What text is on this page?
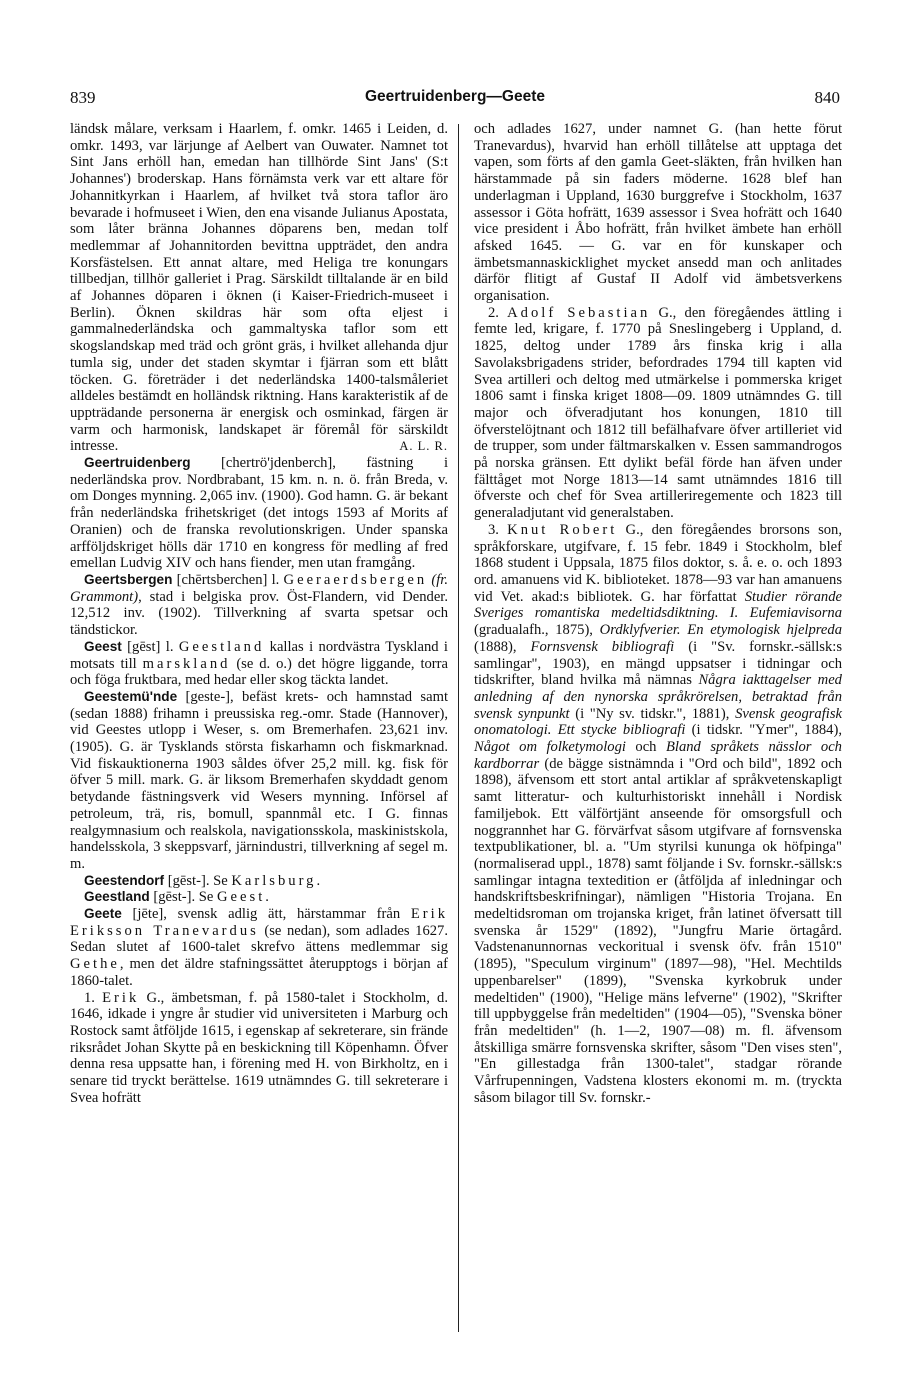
839	Geertruidenberg—Geete	840

ländsk målare, verksam i Haarlem, f. omkr. 1465 i Leiden, d. omkr. 1493, var lärjunge af Aelbert van Ouwater. Namnet tot Sint Jans erhöll han, emedan han tillhörde Sint Jans' (S:t Johannes') broderskap. Hans förnämsta verk var ett altare för Johannitkyrkan i Haarlem, af hvilket två stora taflor äro bevarade i hofmuseet i Wien, den ena visande Julianus Apostata, som låter bränna Johannes döparens ben, medan tolf medlemmar af Johannitorden bevittna uppträdet, den andra Korsfästelsen. Ett annat altare, med Heliga tre konungars tillbedjan, tillhör galleriet i Prag. Särskildt tilltalande är en bild af Johannes döparen i öknen (i Kaiser-Friedrich-museet i Berlin). Öknen skildras här som ofta eljest i gammalnederländska och gammaltyska taflor som ett skogslandskap med träd och grönt gräs, i hvilket allehanda djur tumla sig, under det staden skymtar i fjärran som ett blått töcken. G. företräder i det nederländska 1400-talsmåleriet alldeles bestämdt en holländsk riktning. Hans karakteristik af de uppträdande personerna är energisk och osminkad, färgen är varm och harmonisk, landskapet är föremål för särskildt intresse.	A. L. R.

Geertruidenberg [chertrö'jdenberch], fästning i nederländska prov. Nordbrabant, 15 km. n. n. ö. från Breda, v. om Donges mynning. 2,065 inv. (1900). God hamn. G. är bekant från nederländska frihetskriget (det intogs 1593 af Morits af Oranien) och de franska revolutionskrigen. Under spanska arfföljdskriget hölls där 1710 en kongress för medling af fred emellan Ludvig XIV och hans fiender, men utan framgång.

Geertsbergen [chērtsberchen] l. Geeraerdsbergen (fr. Grammont), stad i belgiska prov. Öst-Flandern, vid Dender. 12,512 inv. (1902). Tillverkning af svarta spetsar och tändstickor.

Geest [gēst] l. Geestland kallas i nordvästra Tyskland i motsats till marskland (se d. o.) det högre liggande, torra och föga fruktbara, med hedar eller skog täckta landet.

Geestemü'nde [geste-], befäst krets- och hamnstad samt (sedan 1888) frihamn i preussiska reg.-omr. Stade (Hannover), vid Geestes utlopp i Weser, s. om Bremerhafen. 23,621 inv. (1905). G. är Tysklands största fiskarhamn och fiskmarknad. Vid fiskauktionerna 1903 såldes öfver 25,2 mill. kg. fisk för öfver 5 mill. mark. G. är liksom Bremerhafen skyddadt genom betydande fästningsverk vid Wesers mynning. Införsel af petroleum, trä, ris, bomull, spannmål etc. I G. finnas realgymnasium och realskola, navigationsskola, maskinistskola, handelsskola, 3 skeppsvarf, järnindustri, tillverkning af segel m. m.

Geestendorf [gēst-]. Se Karlsburg.

Geestland [gēst-]. Se Geest.

Geete [jēte], svensk adlig ätt, härstammar från Erik Eriksson Tranevardus (se nedan), som adlades 1627. Sedan slutet af 1600-talet skrefvo ättens medlemmar sig Gethe, men det äldre stafningssättet återupptogs i början af 1860-talet.

1. Erik G., ämbetsman, f. på 1580-talet i Stockholm, d. 1646, idkade i yngre år studier vid universiteten i Marburg och Rostock samt åtföljde 1615, i egenskap af sekreterare, sin frände riksrådet Johan Skytte på en beskickning till Köpenhamn. Öfver denna resa uppsatte han, i förening med H. von Birkholtz, en i senare tid tryckt berättelse. 1619 utnämndes G. till sekreterare i Svea hofrätt

och adlades 1627, under namnet G. (han hette förut Tranevardus), hvarvid han erhöll tillåtelse att upptaga det vapen, som förts af den gamla Geet-släkten, från hvilken han härstammade på sin faders möderne. 1628 blef han underlagman i Uppland, 1630 burggrefve i Stockholm, 1637 assessor i Göta hofrätt, 1639 assessor i Svea hofrätt och 1640 vice president i Åbo hofrätt, från hvilket ämbete han erhöll afsked 1645. — G. var en för kunskaper och ämbetsmannaskicklighet mycket ansedd man och anlitades därför flitigt af Gustaf II Adolf vid ämbetsverkens organisation.

2. Adolf Sebastian G., den föregåendes ättling i femte led, krigare, f. 1770 på Sneslingeberg i Uppland, d. 1825, deltog under 1789 års finska krig i alla Savolaksbrigadens strider, befordrades 1794 till kapten vid Svea artilleri och deltog med utmärkelse i pommerska kriget 1806 samt i finska kriget 1808—09. 1809 utnämndes G. till major och öfveradjutant hos konungen, 1810 till öfverstelöjtnant och 1812 till befälhafvare öfver artilleriet vid de trupper, som under fältmarskalken v. Essen sammandrogos på norska gränsen. Ett dylikt befäl förde han äfven under fälttåget mot Norge 1813—14 samt utnämndes 1816 till öfverste och chef för Svea artilleriregemente och 1823 till generaladjutant vid generalstaben.

3. Knut Robert G., den föregåendes brorsons son, språkforskare, utgifvare, f. 15 febr. 1849 i Stockholm, blef 1868 student i Uppsala, 1875 filos doktor, s. å. e. o. och 1893 ord. amanuens vid K. biblioteket. 1878—93 var han amanuens vid Vet. akad:s bibliotek. G. har författat Studier rörande Sveriges romantiska medeltidsdiktning. I. Eufemiavisorna (gradualafh., 1875), Ordklyfverier. En etymologisk hjelpreda (1888), Fornsvensk bibliografi (i "Sv. fornskr.-sällsk:s samlingar", 1903), en mängd uppsatser i tidningar och tidskrifter, bland hvilka må nämnas Några iakttagelser med anledning af den nynorska språkrörelsen, betraktad från svensk synpunkt (i "Ny sv. tidskr.", 1881), Svensk geografisk onomatologi. Ett stycke bibliografi (i tidskr. "Ymer", 1884), Något om folketymologi och Bland språkets nässlor och kardborrar (de bägge sistnämnda i "Ord och bild", 1892 och 1898), äfvensom ett stort antal artiklar af språkvetenskapligt samt litteratur- och kulturhistoriskt innehåll i Nordisk familjebok. Ett välförtjänt anseende för omsorgsfull och noggrannhet har G. förvärfvat såsom utgifvare af fornsvenska textpublikationer, bl. a. "Um styrilsi kununga ok höfpinga" (normaliserad uppl., 1878) samt följande i Sv. fornskr.-sällsk:s samlingar intagna textedition er (åtföljda af inledningar och handskriftsbeskrifningar), nämligen "Historia Trojana. En medeltidsroman om trojanska kriget, från latinet öfversatt till svenska år 1529" (1892), "Jungfru Marie örtagård. Vadstenanunnornas veckoritual i svensk öfv. från 1510" (1895), "Speculum virginum" (1897—98), "Hel. Mechtilds uppenbarelser" (1899), "Svenska kyrkobruk under medeltiden" (1900), "Helige mäns lefverne" (1902), "Skrifter till uppbyggelse från medeltiden" (1904—05), "Svenska böner från medeltiden" (h. 1—2, 1907—08) m. fl. äfvensom åtskilliga smärre fornsvenska skrifter, såsom "Den vises sten", "En gillestadga från 1300-talet", stadgar rörande Vårfrupenningen, Vadstena klosters ekonomi m. m. (tryckta såsom bilagor till Sv. fornskr.-
